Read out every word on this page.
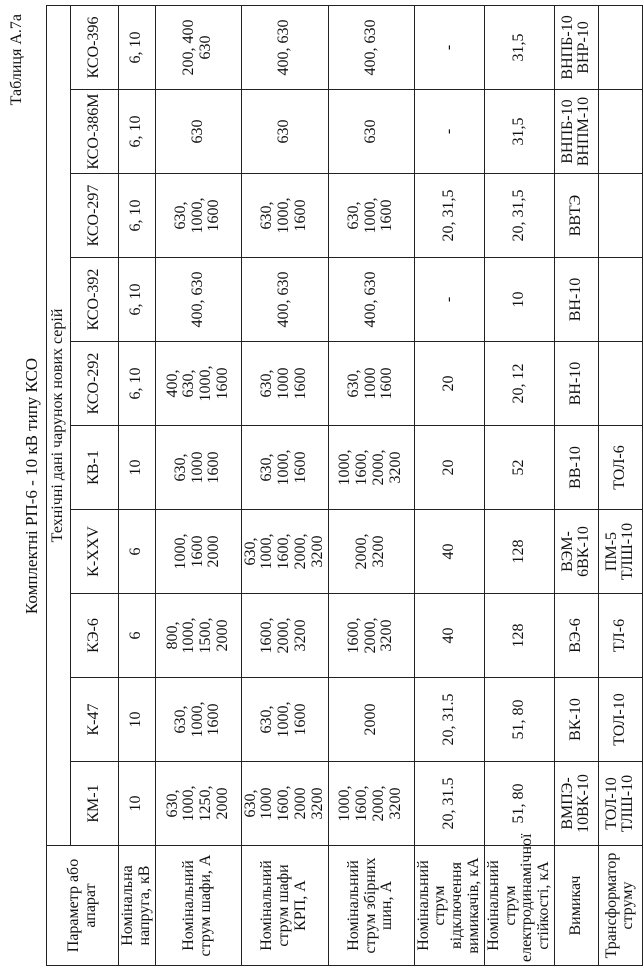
Таблиця А.7а
Комплектні РП-6 - 10 кВ типу КСО
Параметр або апарат	Технічні дані чарунок нових серій									
	КМ-1	К-47	КЭ-6	К-XXV	КВ-1	КСО-292	КСО-392	КСО-297	КСО-386М	КСО-396
Номінальна напруга, кВ	10	10	6	6	10	6, 10	6, 10	6, 10	6, 10	6, 10
Номінальний струм шафи, А	630,
1000,
1250,
2000	630,
1000,
1600	800,
1000,
1500,
2000	1000,
1600
2000	630,
1000
1600	400,
630,
1000,
1600	400, 630	630,
1000,
1600	630	200, 400
630
Номінальний струм шафи КРП, А	630,
1000
1600,
2000
3200	630,
1000,
1600	1600,
2000,
3200	630,
1000,
1600,
2000,
3200	630,
1000,
1600	630,
1000
1600	400, 630	630,
1000,
1600	630	400, 630
Номінальний струм збірних шин, А	1000,
1600,
2000,
3200	2000	1600,
2000,
3200	2000,
3200	1000,
1600,
2000,
3200	630,
1000
1600	400, 630	630,
1000,
1600	630	400, 630
Номінальний струм відключення вимикачів, кА	20, 31.5	20, 31.5	40	40	20	20	-	20, 31,5	-	-
Номінальний струм електродинамічної стійкості, кА	51, 80	51, 80	128	128	52	20, 12	10	20, 31,5	31,5	31,5
Вимикач	ВМПЭ-
10ВК-10	ВК-10	ВЭ-6	ВЭМ-
6ВК-10	ВВ-10	ВН-10	ВН-10	ВВТЭ	ВНПБ-10
ВНПМ-10	ВНПБ-10
ВНР-10
Трансформатор струму	ТОЛ-10
ТЛШ-10	ТОЛ-10	ТЛ-6	ПМ-5
ТЛШ-10	ТОЛ-6					
